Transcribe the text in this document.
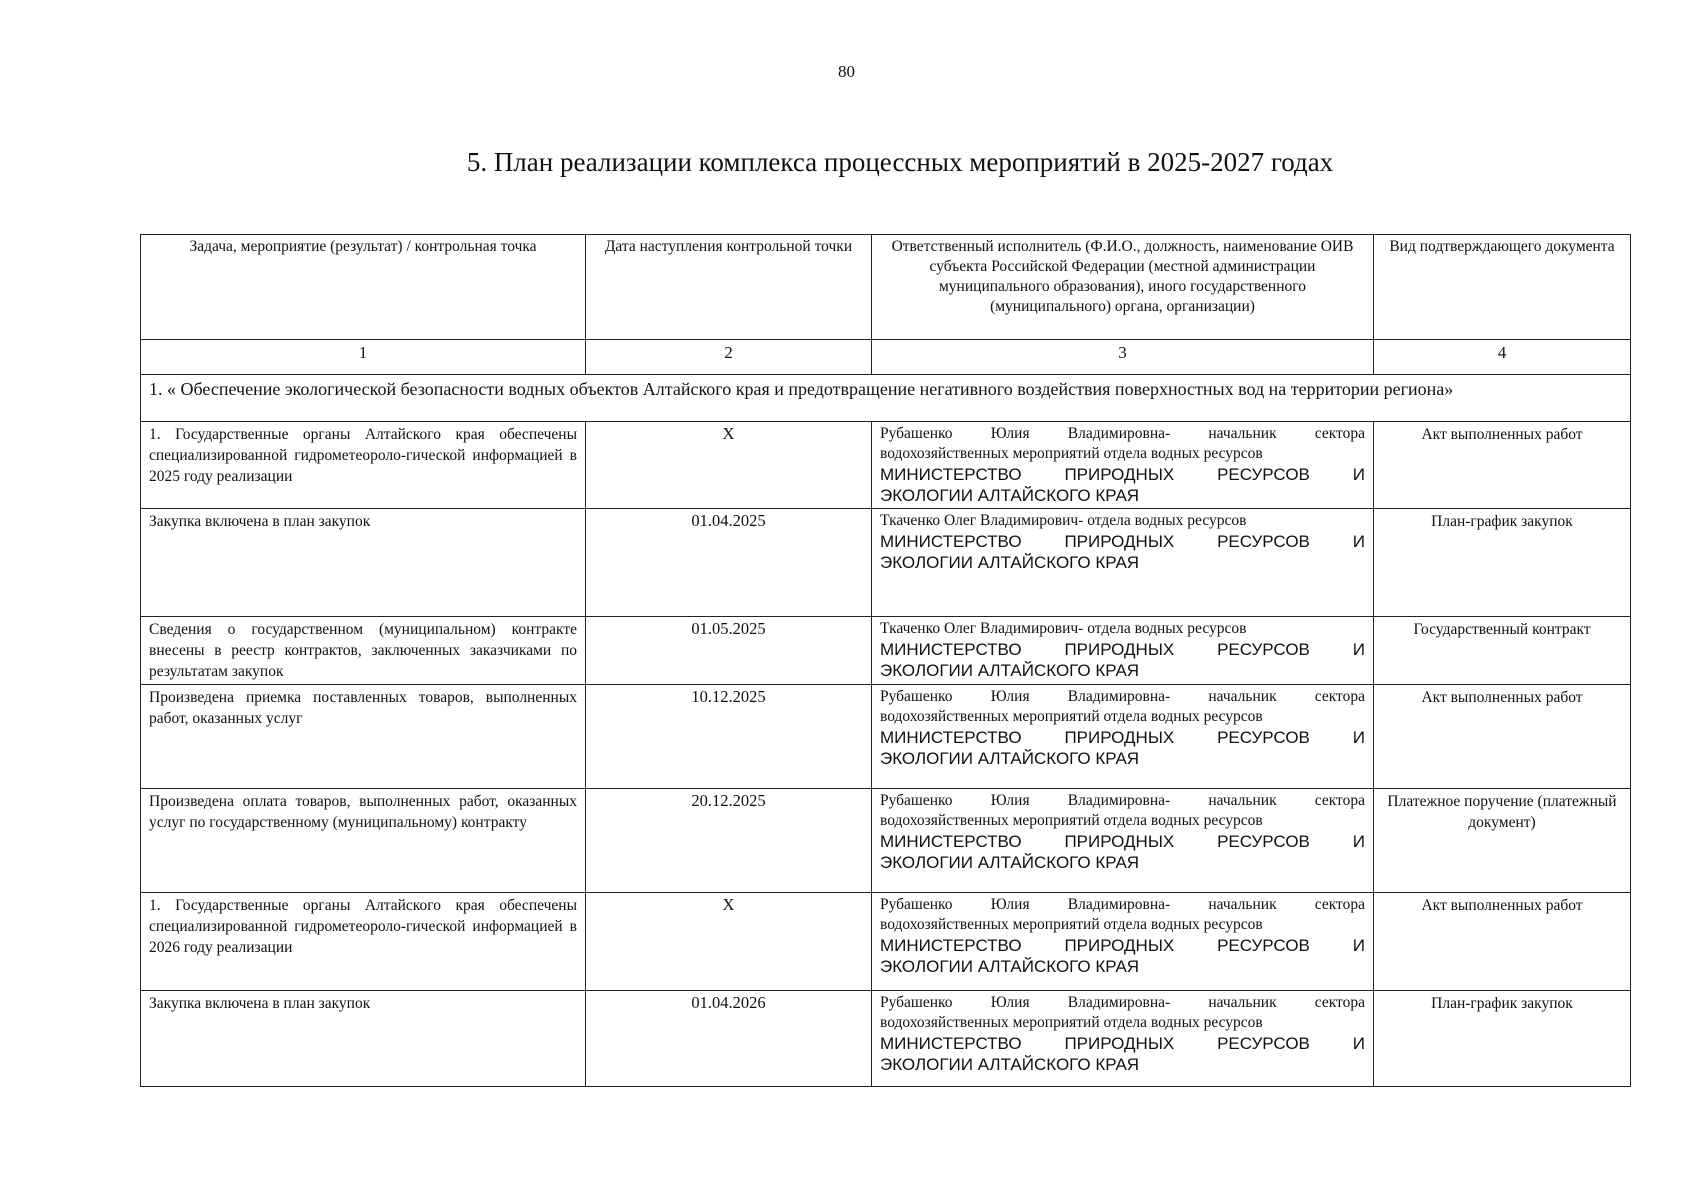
80
5. План реализации комплекса процессных мероприятий в 2025-2027 годах
Задача, мероприятие (результат) / контрольная точка	Дата наступления контрольной точки	Ответственный исполнитель (Ф.И.О., должность, наименование ОИВ субъекта Российской Федерации (местной администрации муниципального образования), иного государственного (муниципального) органа, организации)	Вид подтверждающего документа
1	2	3	4
1. « Обеспечение экологической безопасности водных объектов Алтайского края и предотвращение негативного воздействия поверхностных вод на территории региона»			
1. Государственные органы Алтайского края обеспечены специализированной гидрометеороло-гической информацией в 2025 году реализации	X	Рубашенко Юлия Владимировна- начальник сектора
водохозяйственных мероприятий отдела водных ресурсов
МИНИСТЕРСТВО ПРИРОДНЫХ РЕСУРСОВ И
ЭКОЛОГИИ АЛТАЙСКОГО КРАЯ	Акт выполненных работ
Закупка включена в план закупок	01.04.2025	Ткаченко Олег Владимирович- отдела водных ресурсов
МИНИСТЕРСТВО ПРИРОДНЫХ РЕСУРСОВ И
ЭКОЛОГИИ АЛТАЙСКОГО КРАЯ	План-график закупок
Сведения о государственном (муниципальном) контракте внесены в реестр контрактов, заключенных заказчиками по результатам закупок	01.05.2025	Ткаченко Олег Владимирович- отдела водных ресурсов
МИНИСТЕРСТВО ПРИРОДНЫХ РЕСУРСОВ И
ЭКОЛОГИИ АЛТАЙСКОГО КРАЯ	Государственный контракт
Произведена приемка поставленных товаров, выполненных работ, оказанных услуг	10.12.2025	Рубашенко Юлия Владимировна- начальник сектора
водохозяйственных мероприятий отдела водных ресурсов
МИНИСТЕРСТВО ПРИРОДНЫХ РЕСУРСОВ И
ЭКОЛОГИИ АЛТАЙСКОГО КРАЯ	Акт выполненных работ
Произведена оплата товаров, выполненных работ, оказанных услуг по государственному (муниципальному) контракту	20.12.2025	Рубашенко Юлия Владимировна- начальник сектора
водохозяйственных мероприятий отдела водных ресурсов
МИНИСТЕРСТВО ПРИРОДНЫХ РЕСУРСОВ И
ЭКОЛОГИИ АЛТАЙСКОГО КРАЯ	Платежное поручение (платежный документ)
1. Государственные органы Алтайского края обеспечены специализированной гидрометеороло-гической информацией в 2026 году реализации	X	Рубашенко Юлия Владимировна- начальник сектора
водохозяйственных мероприятий отдела водных ресурсов
МИНИСТЕРСТВО ПРИРОДНЫХ РЕСУРСОВ И
ЭКОЛОГИИ АЛТАЙСКОГО КРАЯ	Акт выполненных работ
Закупка включена в план закупок	01.04.2026	Рубашенко Юлия Владимировна- начальник сектора
водохозяйственных мероприятий отдела водных ресурсов
МИНИСТЕРСТВО ПРИРОДНЫХ РЕСУРСОВ И
ЭКОЛОГИИ АЛТАЙСКОГО КРАЯ	План-график закупок
